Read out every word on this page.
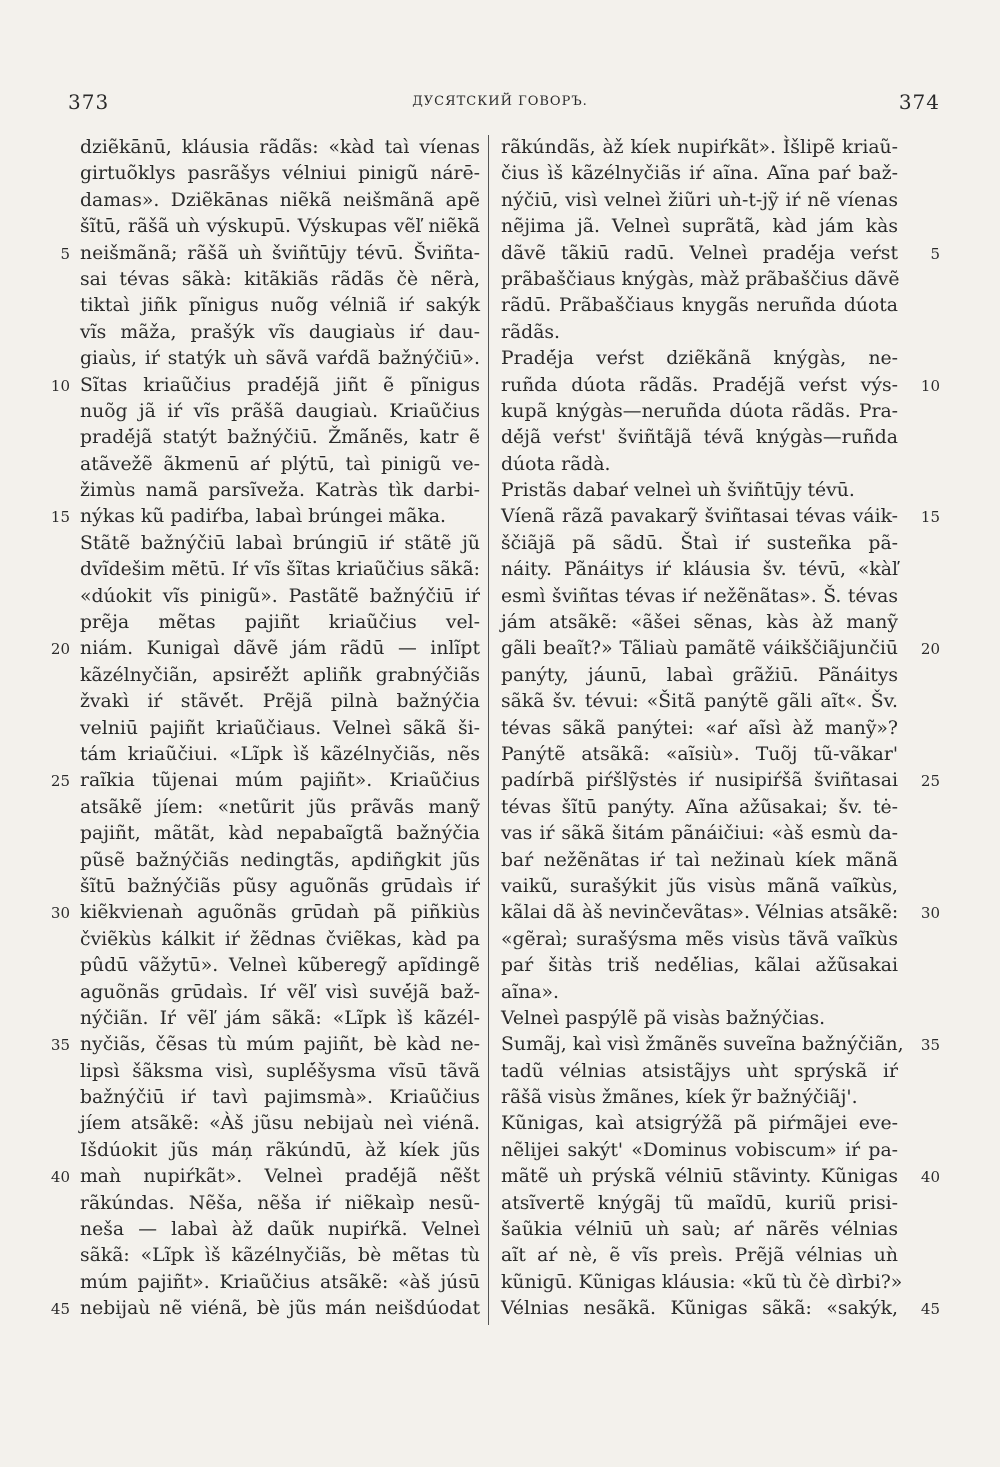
373	ДУСЯТСКИЙ ГОВОРЪ.	374
dziẽkānū, kláusia rãdãs: «kàd taì víenas
girtuõklys pasrãšys vélniui pinigũ nárē-
damas». Dziẽkānas niẽkã neišmãnã apẽ
šĩtū, rãšã uǹ výskupū. Výskupas vẽľ niẽkã
5 neišmãnã; rãšã uǹ šviñtūjy tévū. Šviñta-
sai tévas sãkà: kitãkiãs rãdãs čè nẽrà,
tiktaì jiñk pĩnigus nuõg vélniã iŕ sakýk
vĩs mãža, prašýk vĩs daugiaùs iŕ dau-
giaùs, iŕ statýk uǹ sãvã vaŕdã bažnýčiū».
10 Sĩtas kriaũčius pradė́jã jiñt ẽ pĩnigus
nuõg jã iŕ vĩs prãšã daugiaù. Kriaũčius
pradė́jã statýt bažnýčiū. Žmã́nẽs, katr ẽ
atãvežẽ ãkmenū aŕ plýtū, taì pinigũ ve-
žimùs namã parsĩveža. Katràs tìk darbi-
15 nýkas kũ padiŕba, labaì brúngei mãka.
Stãtẽ bažnýčiū labaì brúngiū iŕ stãtẽ jũ
dvĩdešim mẽtū. Iŕ vĩs šĩtas kriaũčius sãkã:
«dúokit vĩs pinigũ». Pastãtẽ bažnýčiū iŕ
prẽja mẽtas pajiñt kriaũčius vel-
20 niám. Kunigaì dãvẽ jám rãdū — inlĩpt
kãzélnyčiãn, apsirė́žt apliñk grabnýčiãs
žvakì iŕ stãvė́t. Prẽjã pilnà bažnýčia
velniū pajiñt kriaũčiaus. Velneì sãkã ši-
tám kriaũčiui. «Lĩpk ìš kãzélnyčiãs, nẽs
25 raĩkia tũjenai múm pajiñt». Kriaũčius
atsãkẽ jíem: «netũrit jũs prãvãs manỹ
pajiñt, mãtãt, kàd nepabaĩgtã bažnýčia
pũsẽ bažnýčiãs nedingtãs, apdiñgkit jũs
šĩtū bažnýčiãs pũsy aguõnãs grūdaìs iŕ
30 kiẽkvienaǹ aguõnãs grūdaǹ pã piñkiùs
čviẽkùs kálkit iŕ žẽdnas čviẽkas, kàd pa
pûdū vãžytū». Velneì kũberegỹ apĩdingẽ
aguõnãs grūdaìs. Iŕ vẽľ visì suvė́jã baž-
nýčiãn. Iŕ vẽľ jám sãkã: «Lĩpk ìš kãzél-
35 nyčiãs, čẽsas tù múm pajiñt, bè kàd ne-
lipsì šãksma visì, suplė́šysma vĩsū tãvã
bažnýčiū iŕ tavì pajimsmà». Kriaũčius
jíem atsãkẽ: «Àš jũsu nebijaù neì viénã.
Išdúokit jũs máņ rãkúndū, àž kíek jũs
40 maǹ nupiŕkãt». Velneì pradė́jã nẽšt
rãkúndas. Nẽša, nẽša iŕ niẽkaìp nesũ-
neša — labaì àž daũk nupiŕkã. Velneì
sãkã: «Lĩpk ìš kãzélnyčiãs, bè mẽtas tù
múm pajiñt». Kriaũčius atsãkẽ: «àš júsū
45 nebijaù nẽ viénã, bè jũs mán neišdúodat
rãkúndãs, àž kíek nupiŕkãt». Ìšlipẽ kriaũ-
čius ìš kãzélnyčiãs iŕ aĩna. Aĩna paŕ baž-
nýčiū, visì velneì žiũri uǹ-t-jỹ iŕ nẽ víenas
nẽjima jã. Velneì suprãtã, kàd jám kàs
5
dãvẽ tãkiū radū. Velneì pradė́ja veŕst
prãbaščiaus knýgàs, màž prãbaščius dãvẽ
rãdū. Prãbaščiaus knygãs neruñda dúota
rãdãs.
Pradė́ja veŕst dziẽkãnã knýgàs, ne-
10
ruñda dúota rãdãs. Pradė́jã veŕst výs-
kupã knýgàs—neruñda dúota rãdãs. Pra-
dė́jã veŕst' šviñtãjã tévã knýgàs—ruñda
dúota rãdà.
Pristãs dabaŕ velneì uǹ šviñtūjy tévū.
15
Víenã rãzã pavakarỹ šviñtasai tévas váik-
ščiãjã pã sãdū. Štaì iŕ susteñka pã-
náity. Pãnáitys iŕ kláusia šv. tévū, «kàľ
esmì šviñtas tévas iŕ nežẽnãtas». Š. tévas
jám atsãkẽ: «ãšei sẽnas, kàs àž manỹ
20
gãli beaĩt?» Tãliaù pamãtẽ váikščiãjunčiū
panýty, jáunū, labaì grãžiū. Pãnáitys
sãkã šv. tévui: «Šitã panýtẽ gãli aĩt«. Šv.
tévas sãkã panýtei: «aŕ aĩsì àž manỹ»?
Panýtẽ atsãkã: «aĩsiù». Tuõj tũ-vãkar'
25
padírbã piŕšlỹstės iŕ nusipiŕšã šviñtasai
tévas šĩtū panýty. Aĩna ažũsakai; šv. tė-
vas iŕ sãkã šitám pãnáičiui: «àš esmù da-
baŕ nežẽnãtas iŕ taì nežinaù kíek mãnã
vaikũ, surašýkit jũs visùs mãnã vaĩkùs,
30
kãlai dã àš nevinčevãtas». Vélnias atsãkẽ:
«gẽraì; surašýsma mẽs visùs tãvã vaĩkùs
paŕ šitàs triš nedė́lias, kãlai ažũsakai
aĩna».
Velneì paspýlẽ pã visàs bažnýčias.
35
Sumãj, kaì visì žmãnẽs suveĩna bažnýčiãn,
tadũ vélnias atsistãjys uǹt sprýskã iŕ
rãšã visùs žmãnes, kíek ỹr bažnýčiãj'.
Kũnigas, kaì atsigrýžã pã piŕmãjei eve-
nẽlijei sakýt' «Dominus vobiscum» iŕ pa-
40
mãtẽ uǹ prýskã vélniū stãvinty. Kũnigas
atsĩvertẽ knýgãj tũ maĩdū, kuriũ prisi-
šaũkia vélniū uǹ saù; aŕ nãrẽs vélnias
aĩt aŕ nè, ẽ vĩs preìs. Prẽjã vélnias uǹ
kũnigū. Kũnigas kláusia: «kũ tù čè dìrbi?»
45
Vélnias nesãkã. Kũnigas sãkã: «sakýk,
